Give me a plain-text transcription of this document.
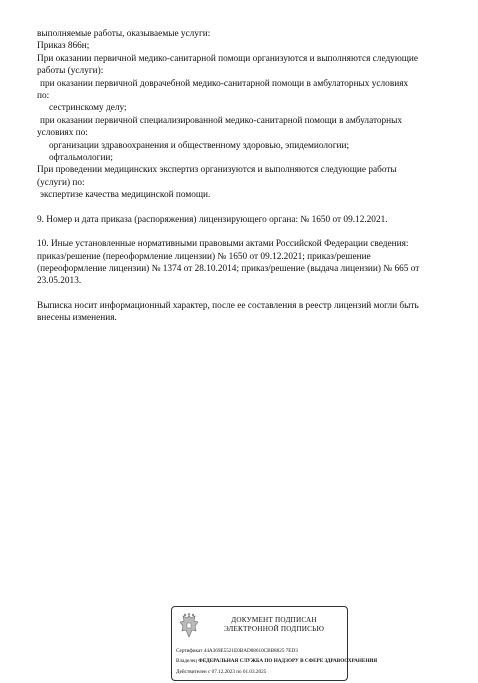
выполняемые работы, оказываемые услуги:
Приказ 866н;
При оказании первичной медико-санитарной помощи организуются и выполняются следующие
работы (услуги):
при оказании первичной доврачебной медико-санитарной помощи в амбулаторных условиях
по:
сестринскому делу;
при оказании первичной специализированной медико-санитарной помощи в амбулаторных
условиях по:
организации здравоохранения и общественному здоровью, эпидемиологии;
офтальмологии;
При проведении медицинских экспертиз организуются и выполняются следующие работы
(услуги) по:
экспертизе качества медицинской помощи.
9. Номер и дата приказа (распоряжения) лицензирующего органа: № 1650 от 09.12.2021.
10. Иные установленные нормативными правовыми актами Российской Федерации сведения:
приказ/решение (переоформление лицензии) № 1650 от 09.12.2021; приказ/решение
(переоформление лицензии) № 1374 от 28.10.2014; приказ/решение (выдача лицензии) № 665 от
23.05.2013.
Выписка носит информационный характер, после ее составления в реестр лицензий могли быть
внесены изменения.
ДОКУМЕНТ ПОДПИСАН
ЭЛЕКТРОННОЙ ПОДПИСЬЮ
Сертификат 44A369E5521E0BAD08610CBB8825 7ED3
Владелец ФЕДЕРАЛЬНАЯ СЛУЖБА ПО НАДЗОРУ В СФЕРЕ ЗДРАВООХРАНЕНИЯ
Действителен с 07.12.2023 по 01.03.2025
